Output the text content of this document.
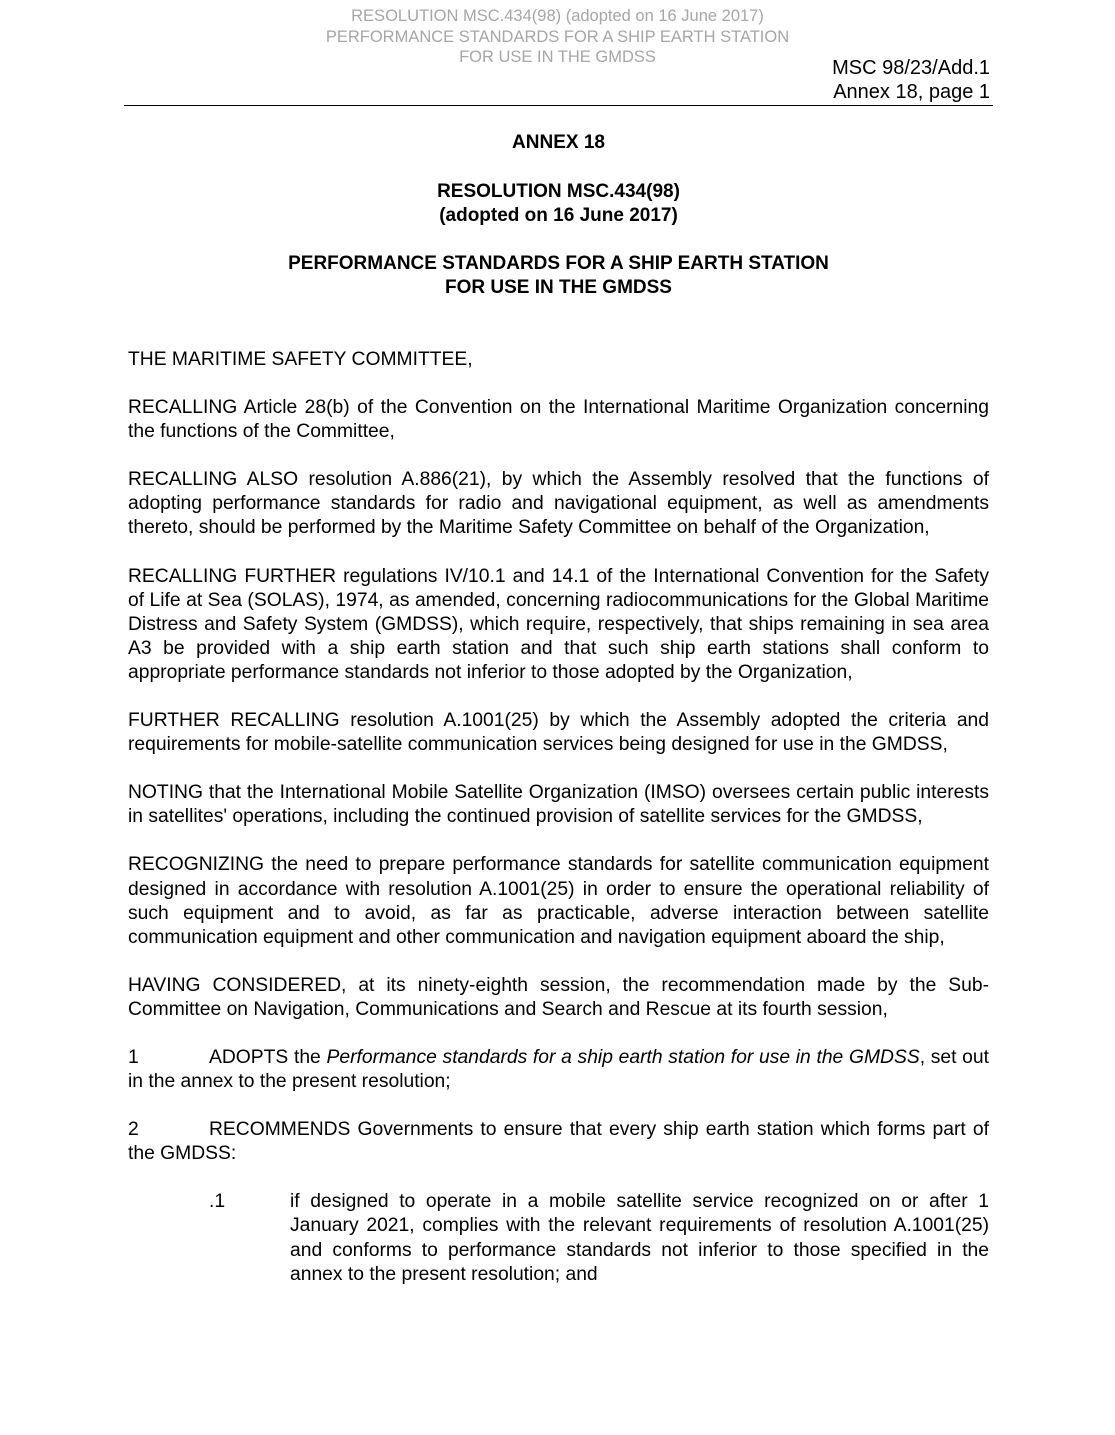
RESOLUTION MSC.434(98) (adopted on 16 June 2017)
PERFORMANCE STANDARDS FOR A SHIP EARTH STATION
FOR USE IN THE GMDSS	MSC 98/23/Add.1
Annex 18, page 1
ANNEX 18
RESOLUTION MSC.434(98)
(adopted on 16 June 2017)
PERFORMANCE STANDARDS FOR A SHIP EARTH STATION
FOR USE IN THE GMDSS

THE MARITIME SAFETY COMMITTEE,

RECALLING Article 28(b) of the Convention on the International Maritime Organization concerning the functions of the Committee,

RECALLING ALSO resolution A.886(21), by which the Assembly resolved that the functions of adopting performance standards for radio and navigational equipment, as well as amendments thereto, should be performed by the Maritime Safety Committee on behalf of the Organization,

RECALLING FURTHER regulations IV/10.1 and 14.1 of the International Convention for the Safety of Life at Sea (SOLAS), 1974, as amended, concerning radiocommunications for the Global Maritime Distress and Safety System (GMDSS), which require, respectively, that ships remaining in sea area A3 be provided with a ship earth station and that such ship earth stations shall conform to appropriate performance standards not inferior to those adopted by the Organization,

FURTHER RECALLING resolution A.1001(25) by which the Assembly adopted the criteria and requirements for mobile-satellite communication services being designed for use in the GMDSS,

NOTING that the International Mobile Satellite Organization (IMSO) oversees certain public interests in satellites' operations, including the continued provision of satellite services for the GMDSS,

RECOGNIZING the need to prepare performance standards for satellite communication equipment designed in accordance with resolution A.1001(25) in order to ensure the operational reliability of such equipment and to avoid, as far as practicable, adverse interaction between satellite communication equipment and other communication and navigation equipment aboard the ship,

HAVING CONSIDERED, at its ninety-eighth session, the recommendation made by the Sub-Committee on Navigation, Communications and Search and Rescue at its fourth session,

1	ADOPTS the Performance standards for a ship earth station for use in the GMDSS, set out in the annex to the present resolution;

2	RECOMMENDS Governments to ensure that every ship earth station which forms part of the GMDSS:

.1	if designed to operate in a mobile satellite service recognized on or after 1 January 2021, complies with the relevant requirements of resolution A.1001(25) and conforms to performance standards not inferior to those specified in the annex to the present resolution; and
